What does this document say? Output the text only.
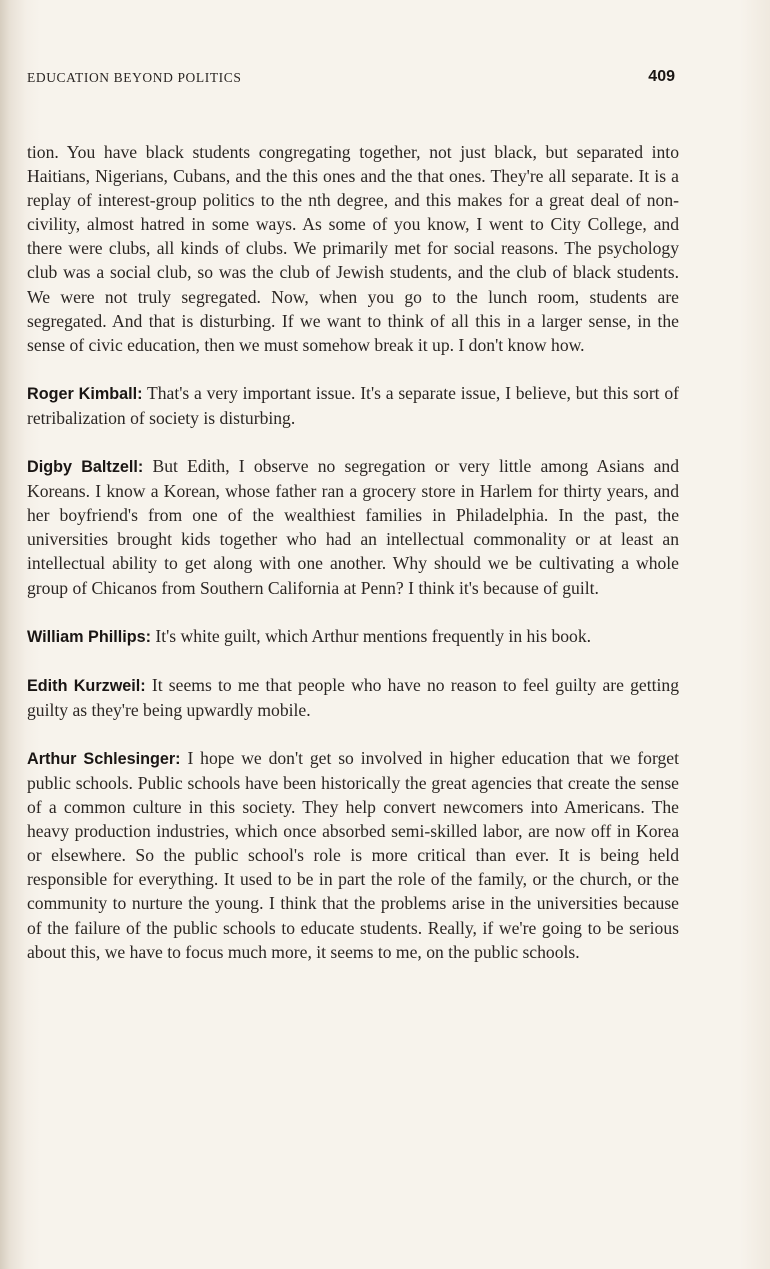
EDUCATION BEYOND POLITICS	409

tion. You have black students congregating together, not just black, but separated into Haitians, Nigerians, Cubans, and the this ones and the that ones. They're all separate. It is a replay of interest-group politics to the nth degree, and this makes for a great deal of non-civility, almost hatred in some ways. As some of you know, I went to City College, and there were clubs, all kinds of clubs. We primarily met for social reasons. The psychology club was a social club, so was the club of Jewish students, and the club of black students. We were not truly segregated. Now, when you go to the lunch room, students are segregated. And that is disturbing. If we want to think of all this in a larger sense, in the sense of civic education, then we must somehow break it up. I don't know how.

Roger Kimball: That's a very important issue. It's a separate issue, I believe, but this sort of retribalization of society is disturbing.

Digby Baltzell: But Edith, I observe no segregation or very little among Asians and Koreans. I know a Korean, whose father ran a grocery store in Harlem for thirty years, and her boyfriend's from one of the wealthiest families in Philadelphia. In the past, the universities brought kids together who had an intellectual commonality or at least an intellectual ability to get along with one another. Why should we be cultivating a whole group of Chicanos from Southern California at Penn? I think it's because of guilt.

William Phillips: It's white guilt, which Arthur mentions frequently in his book.

Edith Kurzweil: It seems to me that people who have no reason to feel guilty are getting guilty as they're being upwardly mobile.

Arthur Schlesinger: I hope we don't get so involved in higher education that we forget public schools. Public schools have been historically the great agencies that create the sense of a common culture in this society. They help convert newcomers into Americans. The heavy production industries, which once absorbed semi-skilled labor, are now off in Korea or elsewhere. So the public school's role is more critical than ever. It is being held responsible for everything. It used to be in part the role of the family, or the church, or the community to nurture the young. I think that the problems arise in the universities because of the failure of the public schools to educate students. Really, if we're going to be serious about this, we have to focus much more, it seems to me, on the public schools.
